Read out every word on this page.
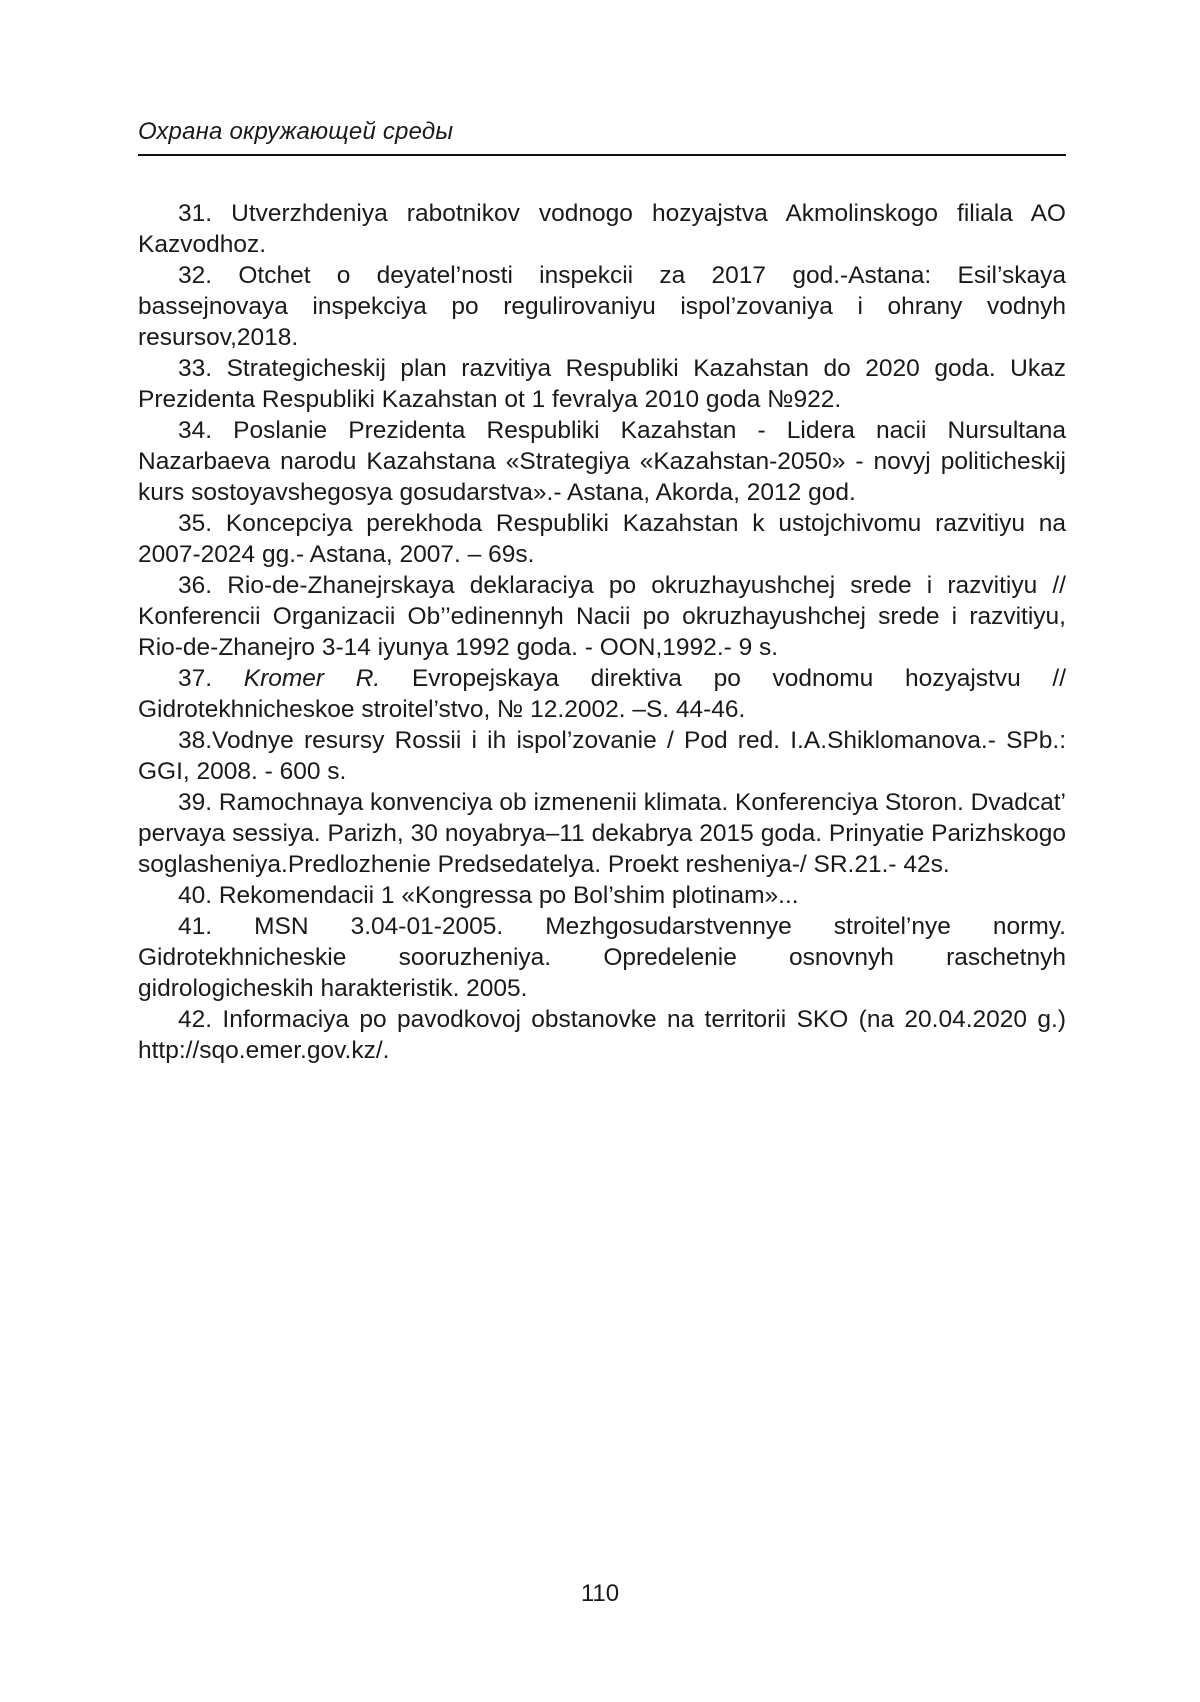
Охрана окружающей среды
31. Utverzhdeniya rabotnikov vodnogo hozyajstva Akmolinskogo filiala AO Kazvodhoz.
32. Otchet o deyatel’nosti inspekcii za 2017 god.-Astana: Esil’skaya bassejnovaya inspekciya po regulirovaniyu ispol’zovaniya i ohrany vodnyh resursov,2018.
33. Strategicheskij plan razvitiya Respubliki Kazahstan do 2020 goda. Ukaz Prezidenta Respubliki Kazahstan ot 1 fevralya 2010 goda №922.
34. Poslanie Prezidenta Respubliki Kazahstan - Lidera nacii Nursultana Nazarbaeva narodu Kazahstana «Strategiya «Kazahstan-2050» - novyj politicheskij kurs sostoyavshegosya gosudarstva».- Astana, Akorda, 2012 god.
35. Koncepciya perekhoda Respubliki Kazahstan k ustojchivomu razvitiyu na 2007-2024 gg.- Astana, 2007. – 69s.
36. Rio-de-Zhanejrskaya deklaraciya po okruzhayushchej srede i razvitiyu // Konferencii Organizacii Ob’’edinennyh Nacii po okruzhayushchej srede i razvitiyu, Rio-de-Zhanejro 3-14 iyunya 1992 goda. - OON,1992.- 9 s.
37. Kromer R. Evropejskaya direktiva po vodnomu hozyajstvu // Gidrotekhnicheskoe stroitel’stvo, № 12.2002. –S. 44-46.
38.Vodnye resursy Rossii i ih ispol’zovanie / Pod red. I.A.Shiklomanova.- SPb.: GGI, 2008. - 600 s.
39. Ramochnaya konvenciya ob izmenenii klimata. Konferenciya Storon. Dvadcat’ pervaya sessiya. Parizh, 30 noyabrya–11 dekabrya 2015 goda. Prinyatie Parizhskogo soglasheniya.Predlozhenie Predsedatelya. Proekt resheniya-/ SR.21.- 42s.
40. Rekomendacii 1 «Kongressa po Bol’shim plotinam»...
41. MSN 3.04-01-2005. Mezhgosudarstvennye stroitel’nye normy. Gidrotekhnicheskie sooruzheniya. Opredelenie osnovnyh raschetnyh gidrologicheskih harakteristik. 2005.
42. Informaciya po pavodkovoj obstanovke na territorii SKO (na 20.04.2020 g.) http://sqo.emer.gov.kz/.
110
